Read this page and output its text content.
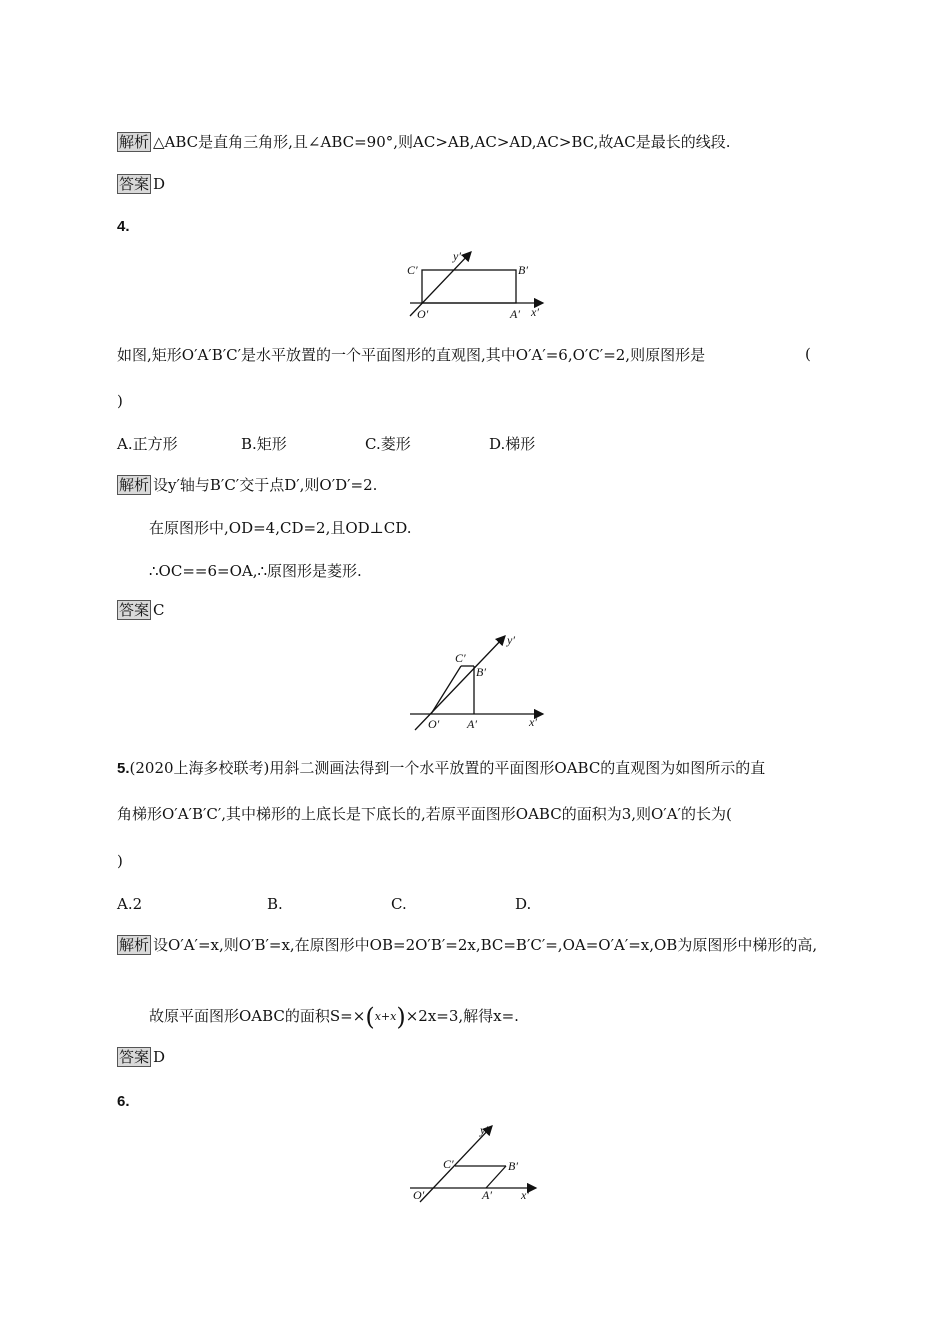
解析 △ABC是直角三角形,且∠ABC=90°,则AC>AB,AC>AD,AC>BC,故AC是最长的线段.
答案 D
4.
C′	B′
y′
O′	A′ x′
如图,矩形O′A′B′C′是水平放置的一个平面图形的直观图,其中O′A′=6,O′C′=2,则原图形是	(
)
A.正方形	B.矩形	C.菱形	D.梯形
解析 设y′轴与B′C′交于点D′,则O′D′=2.
在原图形中,OD=4,CD=2,且OD⊥CD.
∴OC==6=OA,∴原图形是菱形.
答案 C
y′
C′
B′
O′ A′	x′
5.(2020上海多校联考)用斜二测画法得到一个水平放置的平面图形OABC的直观图为如图所示的直
角梯形O′A′B′C′,其中梯形的上底长是下底长的,若原平面图形OABC的面积为3,则O′A′的长为(
)
A.2	B.	C.	D.
解析 设O′A′=x,则O′B′=x,在原图形中OB=2O′B′=2x,BC=B′C′=,OA=O′A′=x,OB为原图形中梯形的高,
故原平面图形OABC的面积S=×(x+x)×2x=3,解得x=.
答案 D
6.
y′
C′	B′
O′	A′ x′
